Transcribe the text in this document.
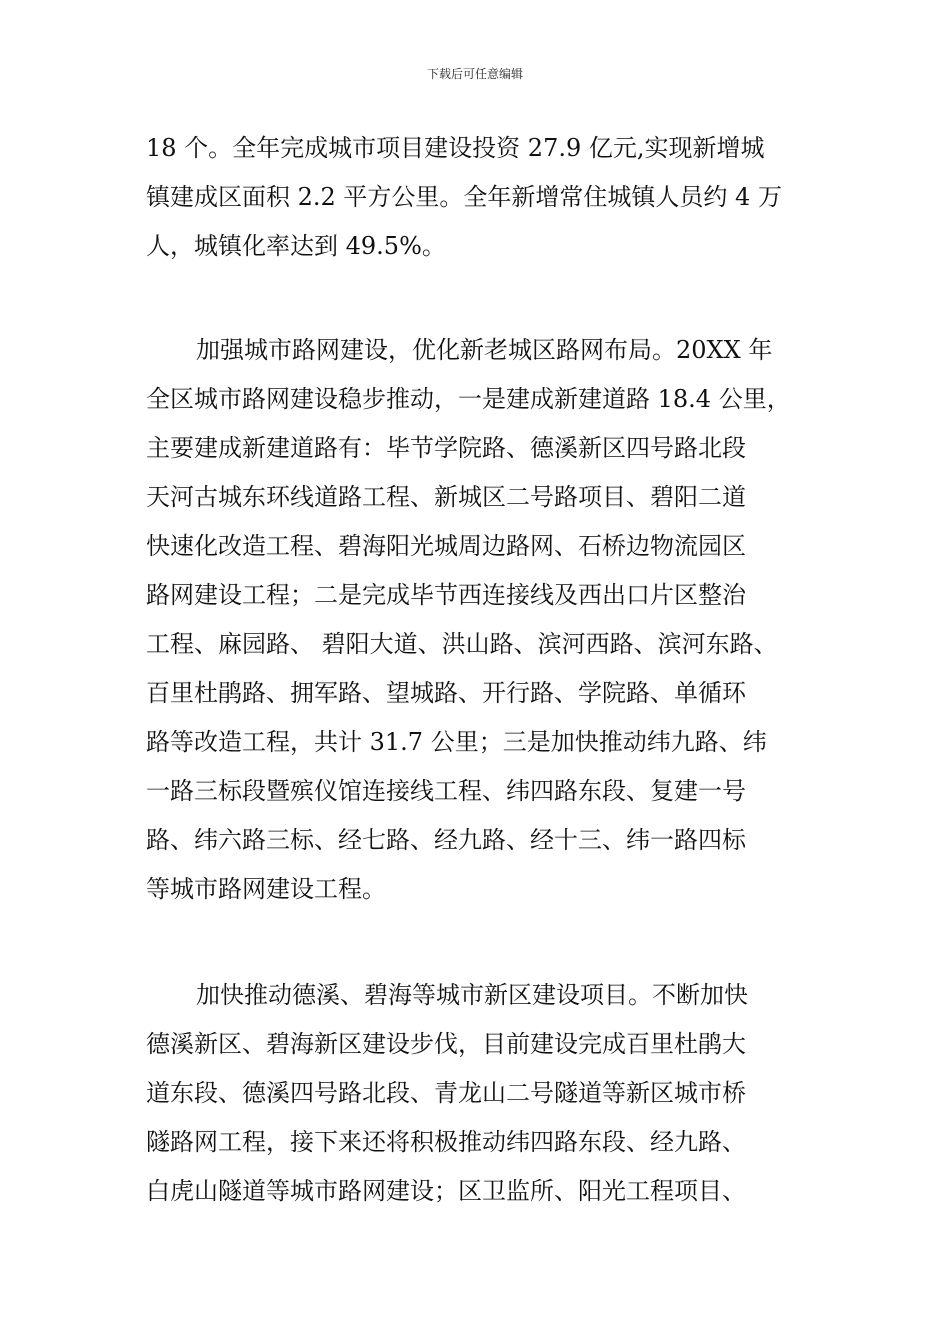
下载后可任意编辑
18 个。全年完成城市项目建设投资 27.9 亿元,实现新增城
镇建成区面积 2.2 平方公里。全年新增常住城镇人员约 4 万
人，城镇化率达到 49.5%。
加强城市路网建设，优化新老城区路网布局。20XX 年
全区城市路网建设稳步推动，一是建成新建道路 18.4 公里，
主要建成新建道路有：毕节学院路、德溪新区四号路北段
天河古城东环线道路工程、新城区二号路项目、碧阳二道
快速化改造工程、碧海阳光城周边路网、石桥边物流园区
路网建设工程；二是完成毕节西连接线及西出口片区整治
工程、麻园路、 碧阳大道、洪山路、滨河西路、滨河东路、
百里杜鹃路、拥军路、望城路、开行路、学院路、单循环
路等改造工程，共计 31.7 公里；三是加快推动纬九路、纬
一路三标段暨殡仪馆连接线工程、纬四路东段、复建一号
路、纬六路三标、经七路、经九路、经十三、纬一路四标
等城市路网建设工程。
加快推动德溪、碧海等城市新区建设项目。不断加快
德溪新区、碧海新区建设步伐，目前建设完成百里杜鹃大
道东段、德溪四号路北段、青龙山二号隧道等新区城市桥
隧路网工程，接下来还将积极推动纬四路东段、经九路、
白虎山隧道等城市路网建设；区卫监所、阳光工程项目、
